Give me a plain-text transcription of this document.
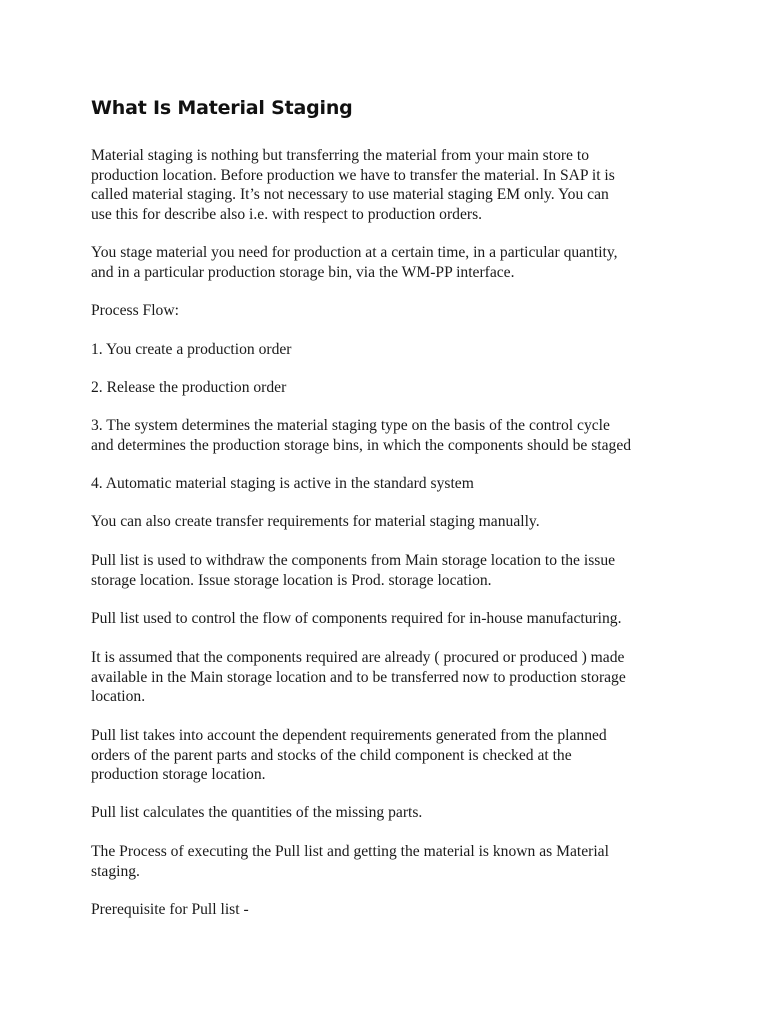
What Is Material Staging

Material staging is nothing but transferring the material from your main store to
production location. Before production we have to transfer the material. In SAP it is
called material staging. It’s not necessary to use material staging EM only. You can
use this for describe also i.e. with respect to production orders.

You stage material you need for production at a certain time, in a particular quantity,
and in a particular production storage bin, via the WM-PP interface.

Process Flow:

1. You create a production order

2. Release the production order

3. The system determines the material staging type on the basis of the control cycle
and determines the production storage bins, in which the components should be staged

4. Automatic material staging is active in the standard system

You can also create transfer requirements for material staging manually.

Pull list is used to withdraw the components from Main storage location to the issue
storage location. Issue storage location is Prod. storage location.

Pull list used to control the flow of components required for in-house manufacturing.

It is assumed that the components required are already ( procured or produced ) made
available in the Main storage location and to be transferred now to production storage
location.

Pull list takes into account the dependent requirements generated from the planned
orders of the parent parts and stocks of the child component is checked at the
production storage location.

Pull list calculates the quantities of the missing parts.

The Process of executing the Pull list and getting the material is known as Material
staging.

Prerequisite for Pull list -
